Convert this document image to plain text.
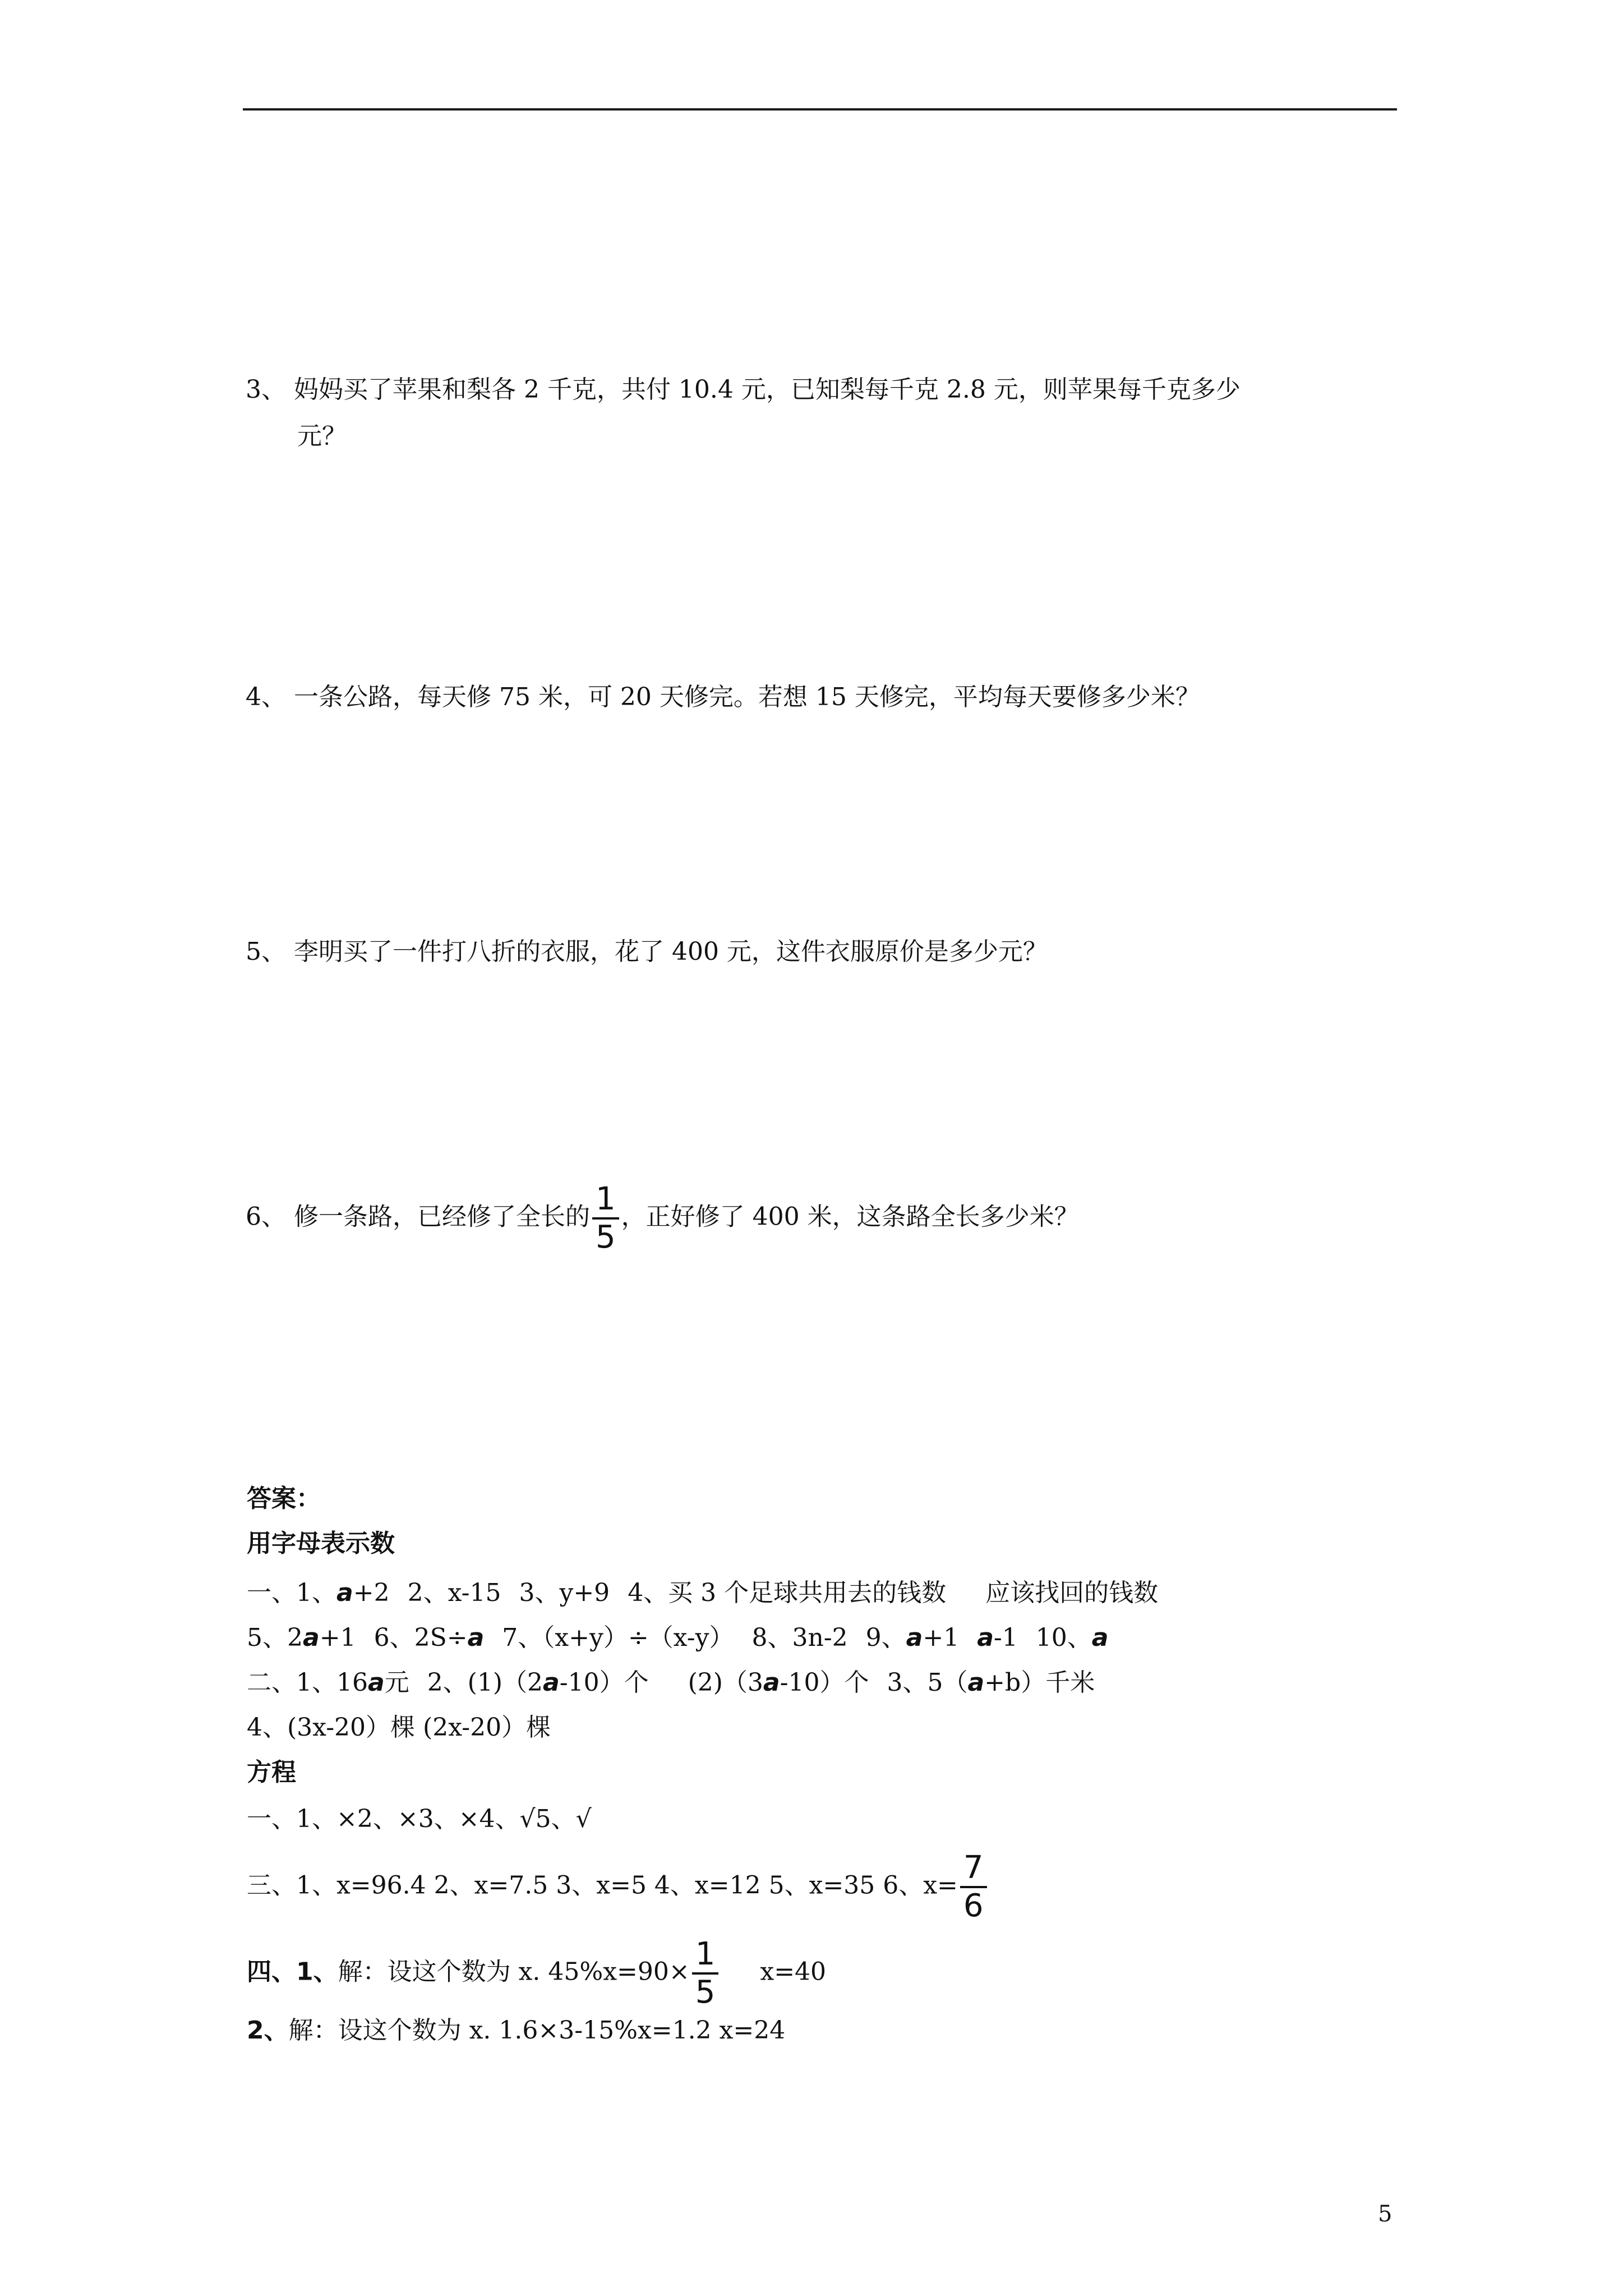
3、 妈妈买了苹果和梨各 2 千克，共付 10.4 元，已知梨每千克 2.8 元，则苹果每千克多少
元？
4、 一条公路，每天修 75 米，可 20 天修完。若想 15 天修完，平均每天要修多少米？
5、 李明买了一件打八折的衣服，花了 400 元，这件衣服原价是多少元？
6、 修一条路，已经修了全长的 $\frac{1}{5}$ ，正好修了 400 米，这条路全长多少米？
答案：
用字母表示数
一、1、a+2 2、x-15 3、y+9 4、买 3 个足球共用去的钱数 应该找回的钱数
5、2a+1 6、2S÷a 7、（x+y）÷（x-y） 8、3n-2 9、a+1 a-1 10、a
二、1、16a元 2、(1)（2a-10）个 (2)（3a-10）个 3、5（a+b）千米
4、(3x-20）棵 (2x-20）棵
方程
一、1、×2、×3、×4、√5、√
三、1、x=96.4 2、x=7.5 3、x=5 4、x=12 5、x=35 6、$x= \frac{7}{6}$
四、1、解：设这个数为 x. $45\%x=90\times \frac{1}{5} x=40$
2、解：设这个数为 x. 1.6×3-15%x=1.2 x=24
5
